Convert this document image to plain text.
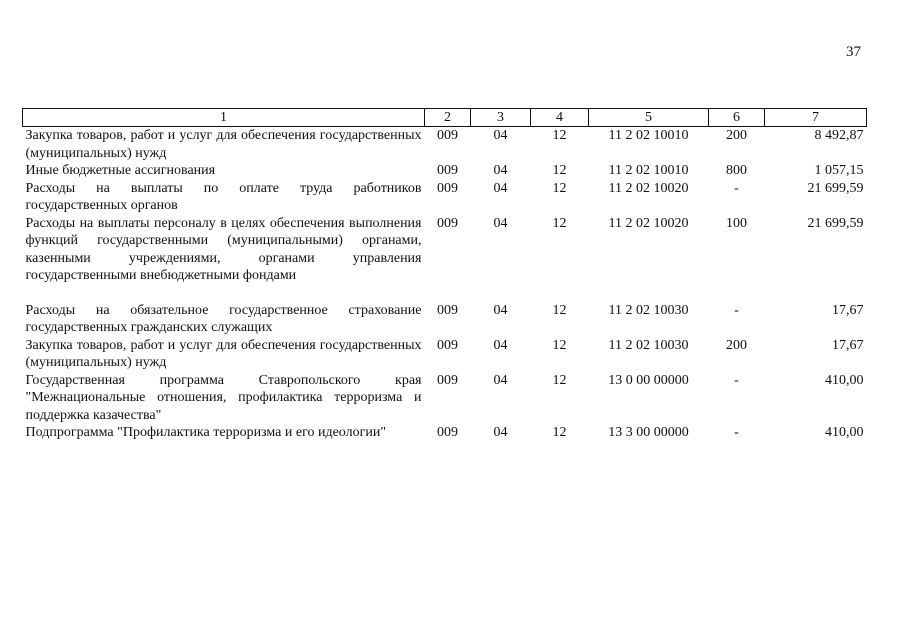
37
1	2	3	4	5	6	7
Закупка товаров, работ и услуг для обеспечения государственных (муниципальных) нужд	009	04	12	11 2 02 10010	200	8 492,87
Иные бюджетные ассигнования	009	04	12	11 2 02 10010	800	1 057,15
Расходы на выплаты по оплате труда работников государственных органов	009	04	12	11 2 02 10020	-	21 699,59
Расходы на выплаты персоналу в целях обеспечения выполнения функций государственными (муниципальными) органами, казенными учреждениями, органами управления государственными внебюджетными фондами	009	04	12	11 2 02 10020	100	21 699,59
Расходы на обязательное государственное страхование государственных гражданских служащих	009	04	12	11 2 02 10030	-	17,67
Закупка товаров, работ и услуг для обеспечения государственных (муниципальных) нужд	009	04	12	11 2 02 10030	200	17,67
Государственная программа Ставропольского края "Межнациональные отношения, профилактика терроризма и поддержка казачества"	009	04	12	13 0 00 00000	-	410,00
Подпрограмма "Профилактика терроризма и его идеологии"	009	04	12	13 3 00 00000	-	410,00
